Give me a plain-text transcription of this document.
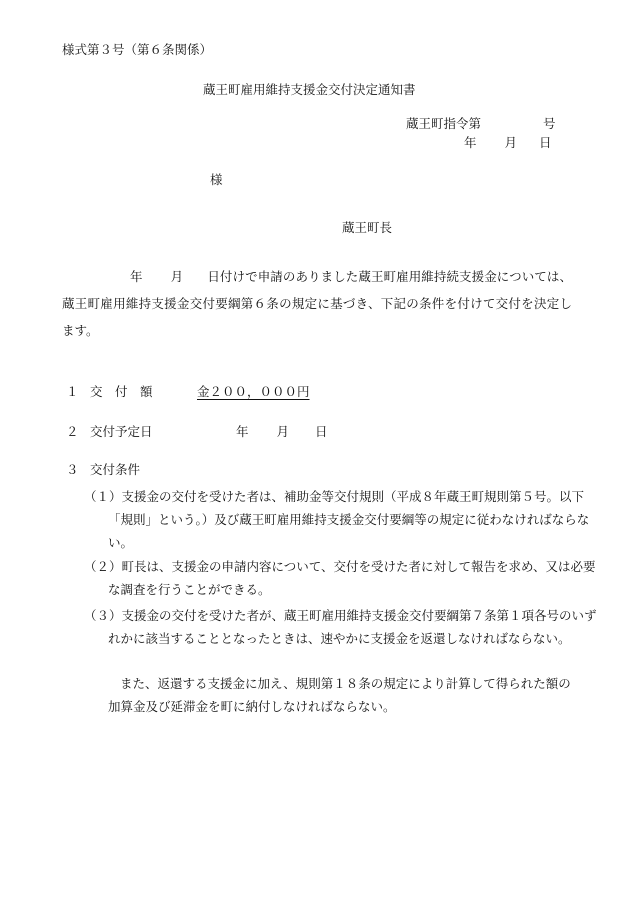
様式第３号（第６条関係）
蔵王町雇用維持支援金交付決定通知書
蔵王町指令第	号
年 月 日
様
蔵王町長
年 月 日付けで申請のありました蔵王町雇用維持続支援金については、蔵王町雇用維持支援金交付要綱第６条の規定に基づき、下記の条件を付けて交付を決定します。
１ 交　付　額	金２００，０００円
２ 交付予定日	年 月 日
３ 交付条件
（１）支援金の交付を受けた者は、補助金等交付規則（平成８年蔵王町規則第５号。以下「規則」という。）及び蔵王町雇用維持支援金交付要綱等の規定に従わなければならない。
（２）町長は、支援金の申請内容について、交付を受けた者に対して報告を求め、又は必要な調査を行うことができる。
（３）支援金の交付を受けた者が、蔵王町雇用維持支援金交付要綱第７条第１項各号のいずれかに該当することとなったときは、速やかに支援金を返還しなければならない。
また、返還する支援金に加え、規則第１８条の規定により計算して得られた額の加算金及び延滞金を町に納付しなければならない。
